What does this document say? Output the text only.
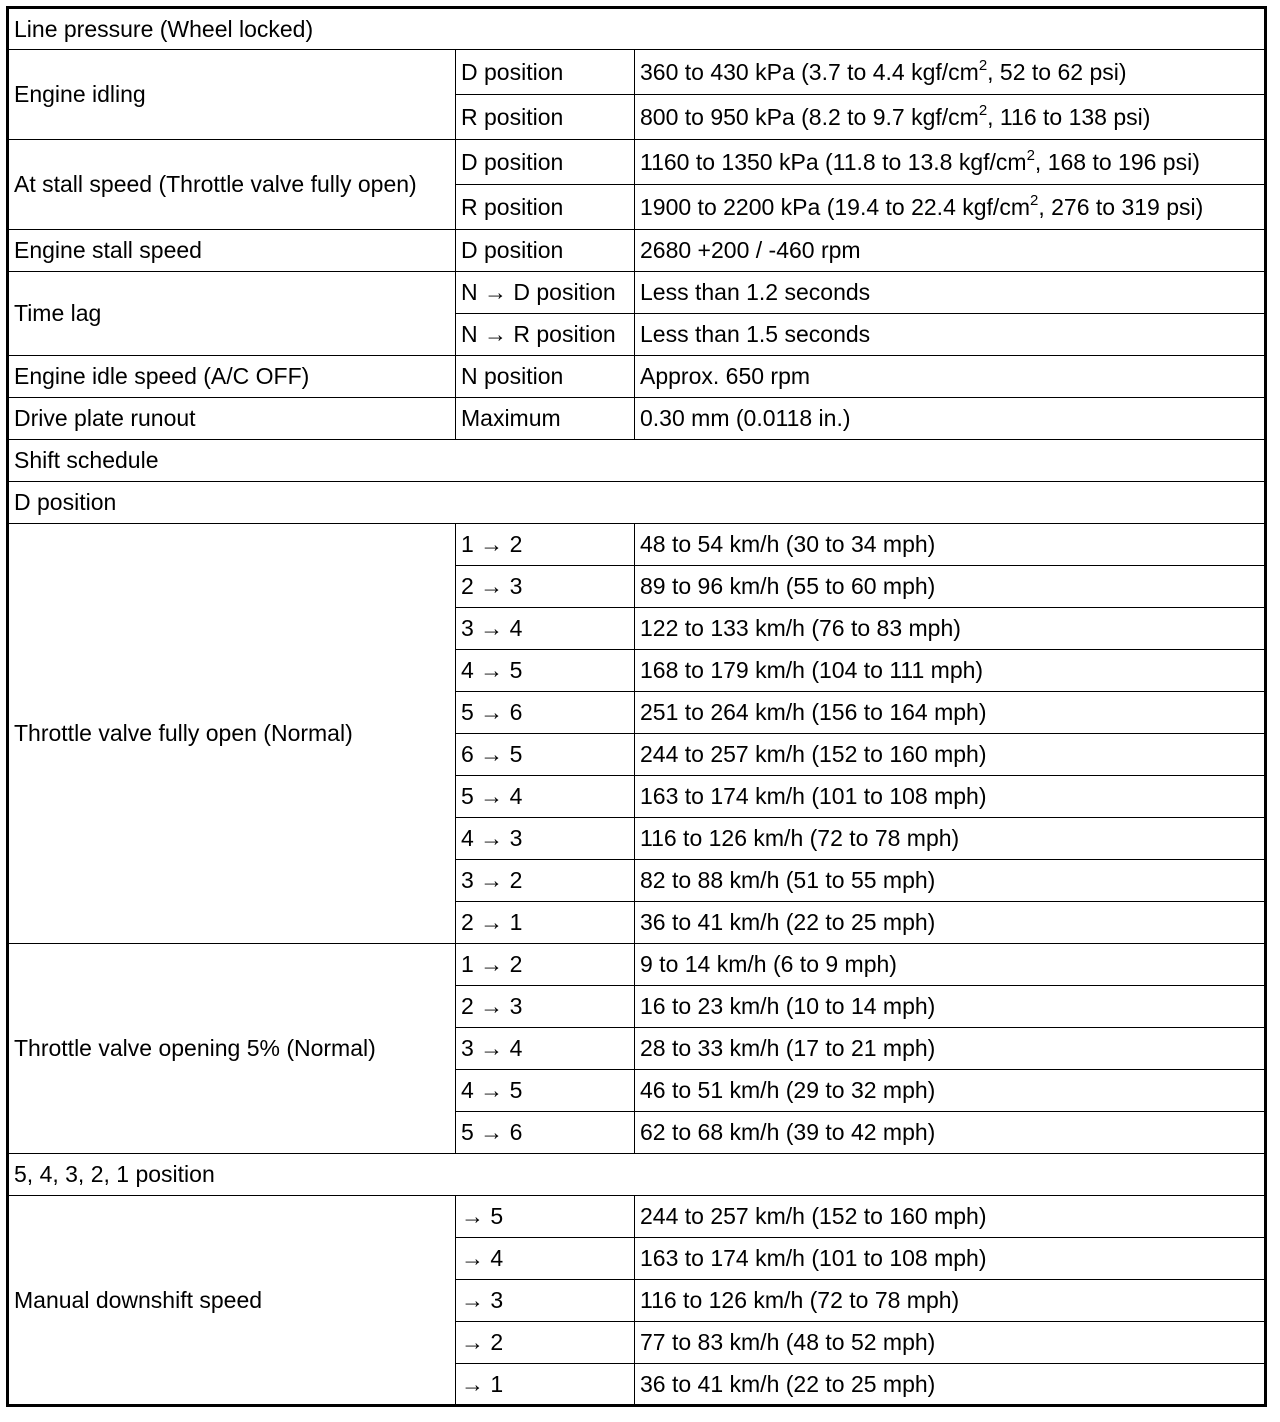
Line pressure (Wheel locked)		
Engine idling	D position	360 to 430 kPa (3.7 to 4.4 kgf/$cm^2$, 52 to 62 psi)
	R position	800 to 950 kPa (8.2 to 9.7 kgf/$cm^2$, 116 to 138 psi)
At stall speed (Throttle valve fully open)	D position	1160 to 1350 kPa (11.8 to 13.8 kgf/$cm^2$, 168 to 196 psi)
	R position	1900 to 2200 kPa (19.4 to 22.4 kgf/$cm^2$, 276 to 319 psi)
Engine stall speed	D position	2680 +200 / -460 rpm
Time lag	N → D position	Less than 1.2 seconds
	N → R position	Less than 1.5 seconds
Engine idle speed (A/C OFF)	N position	Approx. 650 rpm
Drive plate runout	Maximum	0.30 mm (0.0118 in.)
Shift schedule		
D position		
Throttle valve fully open (Normal)	1 → 2	48 to 54 km/h (30 to 34 mph)
	2 → 3	89 to 96 km/h (55 to 60 mph)
	3 → 4	122 to 133 km/h (76 to 83 mph)
	4 → 5	168 to 179 km/h (104 to 111 mph)
	5 → 6	251 to 264 km/h (156 to 164 mph)
	6 → 5	244 to 257 km/h (152 to 160 mph)
	5 → 4	163 to 174 km/h (101 to 108 mph)
	4 → 3	116 to 126 km/h (72 to 78 mph)
	3 → 2	82 to 88 km/h (51 to 55 mph)
	2 → 1	36 to 41 km/h (22 to 25 mph)
Throttle valve opening 5% (Normal)	1 → 2	9 to 14 km/h (6 to 9 mph)
	2 → 3	16 to 23 km/h (10 to 14 mph)
	3 → 4	28 to 33 km/h (17 to 21 mph)
	4 → 5	46 to 51 km/h (29 to 32 mph)
	5 → 6	62 to 68 km/h (39 to 42 mph)
5, 4, 3, 2, 1 position		
Manual downshift speed	→ 5	244 to 257 km/h (152 to 160 mph)
	→ 4	163 to 174 km/h (101 to 108 mph)
	→ 3	116 to 126 km/h (72 to 78 mph)
	→ 2	77 to 83 km/h (48 to 52 mph)
	→ 1	36 to 41 km/h (22 to 25 mph)
